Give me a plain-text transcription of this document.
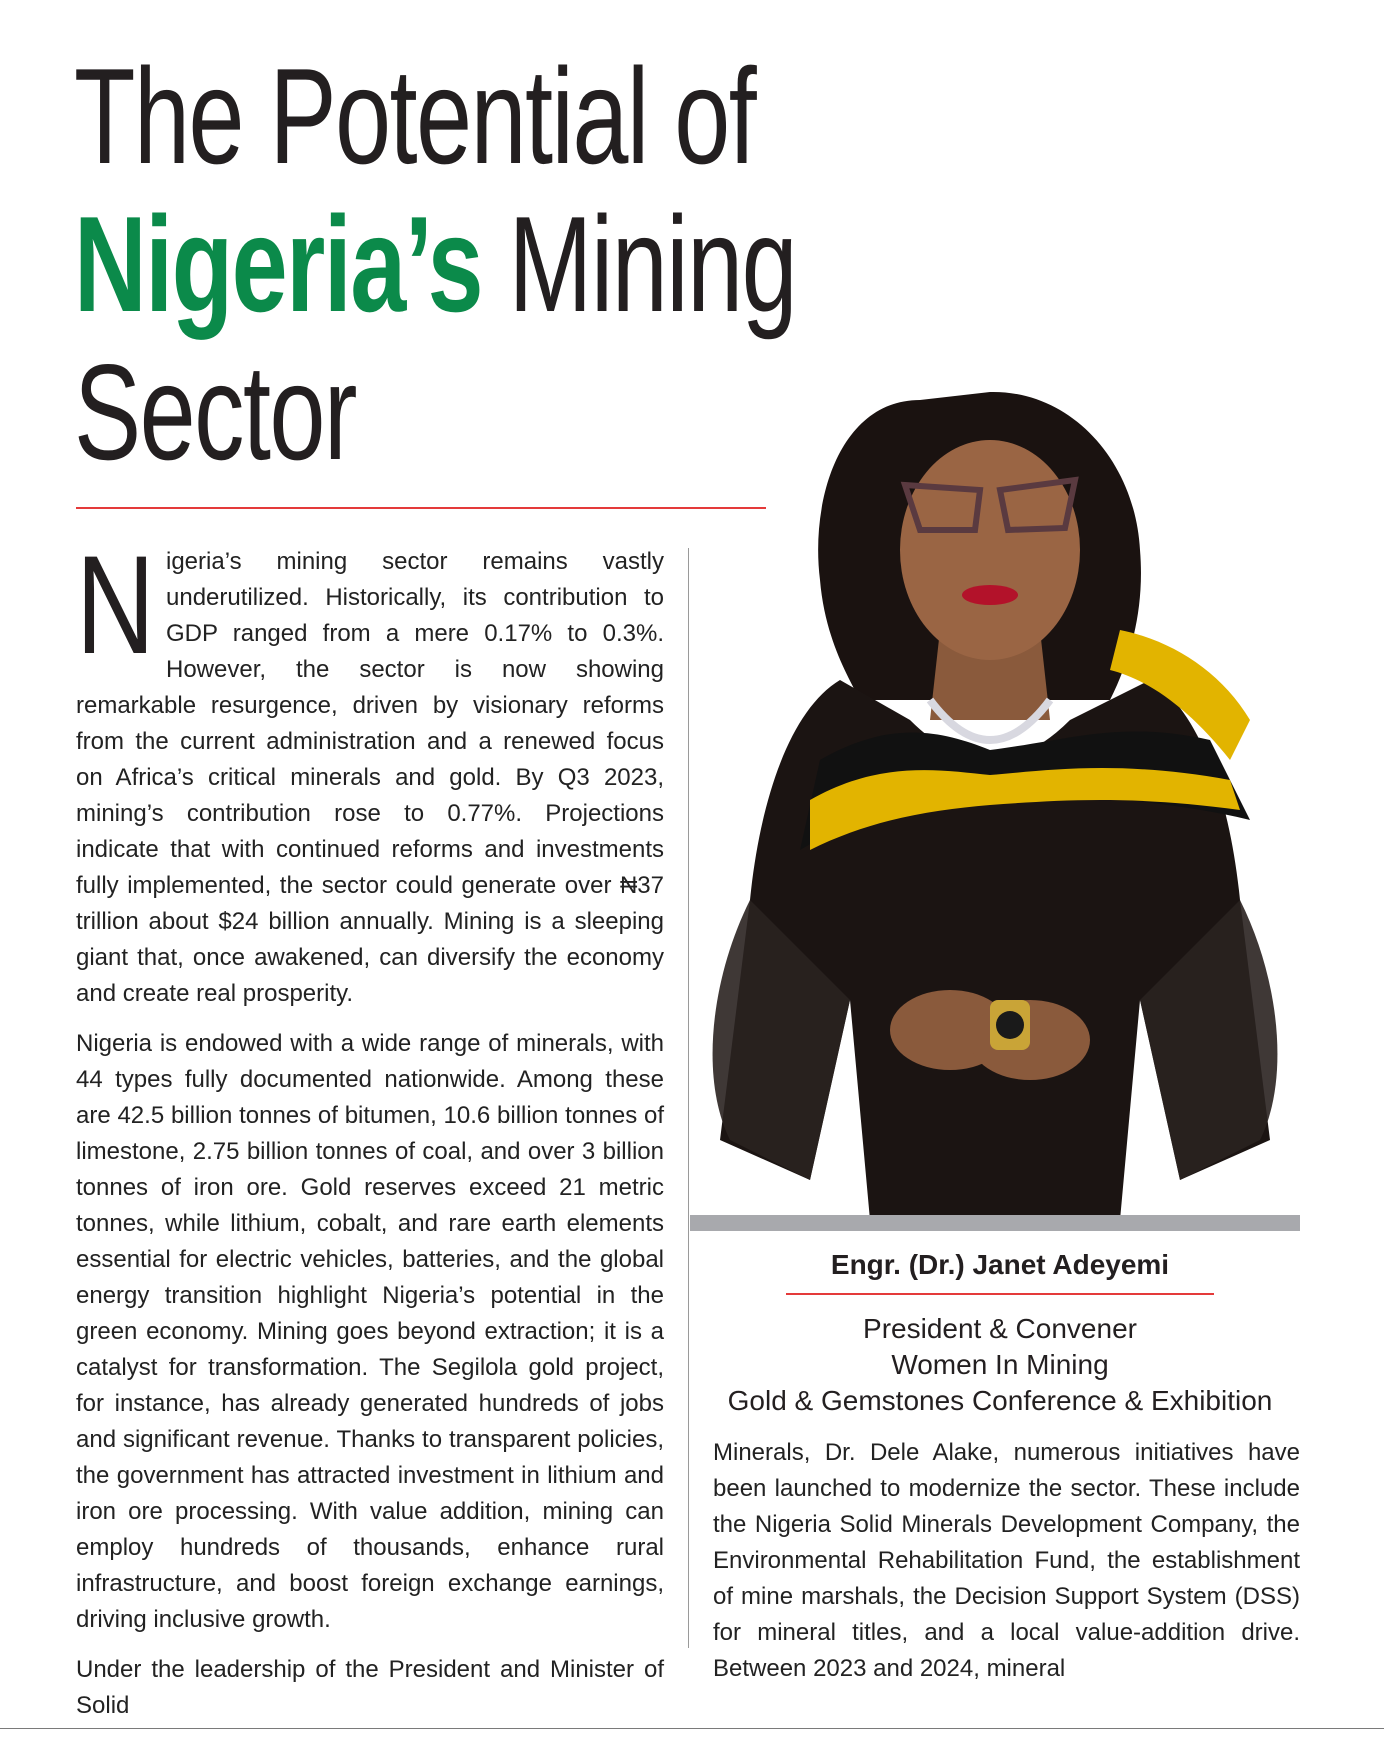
The Potential of
Nigeria’s Mining
Sector

Nigeria’s mining sector remains vastly underutilized. Historically, its contribution to GDP ranged from a mere 0.17% to 0.3%. However, the sector is now showing remarkable resurgence, driven by visionary reforms from the current administration and a renewed focus on Africa’s critical minerals and gold. By Q3 2023, mining’s contribution rose to 0.77%. Projections indicate that with continued reforms and investments fully implemented, the sector could generate over ₦37 trillion about $24 billion annually. Mining is a sleeping giant that, once awakened, can diversify the economy and create real prosperity.

Nigeria is endowed with a wide range of minerals, with 44 types fully documented nationwide. Among these are 42.5 billion tonnes of bitumen, 10.6 billion tonnes of limestone, 2.75 billion tonnes of coal, and over 3 billion tonnes of iron ore. Gold reserves exceed 21 metric tonnes, while lithium, cobalt, and rare earth elements essential for electric vehicles, batteries, and the global energy transition highlight Nigeria’s potential in the green economy. Mining goes beyond extraction; it is a catalyst for transformation. The Segilola gold project, for instance, has already generated hundreds of jobs and significant revenue. Thanks to transparent policies, the government has attracted investment in lithium and iron ore processing. With value addition, mining can employ hundreds of thousands, enhance rural infrastructure, and boost foreign exchange earnings, driving inclusive growth.

Under the leadership of the President and Minister of Solid

Engr. (Dr.) Janet Adeyemi
President & Convener
Women In Mining
Gold & Gemstones Conference & Exhibition

Minerals, Dr. Dele Alake, numerous initiatives have been launched to modernize the sector. These include the Nigeria Solid Minerals Development Company, the Environmental Rehabilitation Fund, the establishment of mine marshals, the Decision Support System (DSS) for mineral titles, and a local value-addition drive. Between 2023 and 2024, mineral
